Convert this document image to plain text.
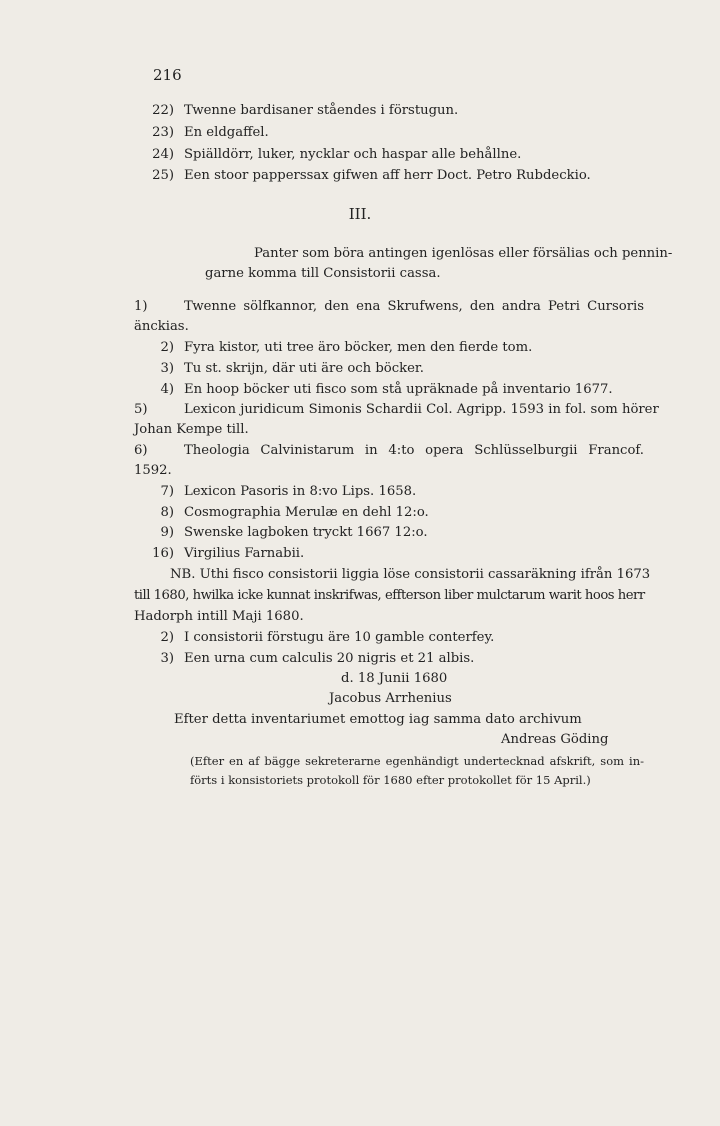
216
22) Twenne bardisaner ståendes i förstugun.
23) En eldgaffel.
24) Spiälldörr, luker, nycklar och haspar alle behållne.
25) Een stoor papperssax gifwen aff herr Doct. Petro Rubdeckio.
III.
Panter som böra antingen igenlösas eller försälias och pennin-
garne komma till Consistorii cassa.
1)	Twenne sölfkannor, den ena Skrufwens, den andra Petri Cursoris
änckias.
2) Fyra kistor, uti tree äro böcker, men den fierde tom.
3) Tu st. skrijn, där uti äre och böcker.
4) En hoop böcker uti fisco som stå upräknade på inventario 1677.
5)	Lexicon juridicum Simonis Schardii Col. Agripp. 1593 in fol. som hörer
Johan Kempe till.
6)	Theologia Calvinistarum in 4:to opera Schlüsselburgii Francof.
1592.
7) Lexicon Pasoris in 8:vo Lips. 1658.
8) Cosmographia Merulæ en dehl 12:o.
9) Swenske lagboken tryckt 1667 12:o.
16) Virgilius Farnabii.
NB. Uthi fisco consistorii liggia löse consistorii cassaräkning ifrån 1673
till 1680, hwilka icke kunnat inskrifwas, effterson liber mulctarum warit hoos herr
Hadorph intill Maji 1680.
2) I consistorii förstugu äre 10 gamble conterfey.
3) Een urna cum calculis 20 nigris et 21 albis.
d. 18 Junii 1680
Jacobus Arrhenius
Efter detta inventariumet emottog iag samma dato archivum
Andreas Göding
(Efter en af bägge sekreterarne egenhändigt undertecknad afskrift, som in-
förts i konsistoriets protokoll för 1680 efter protokollet för 15 April.)
